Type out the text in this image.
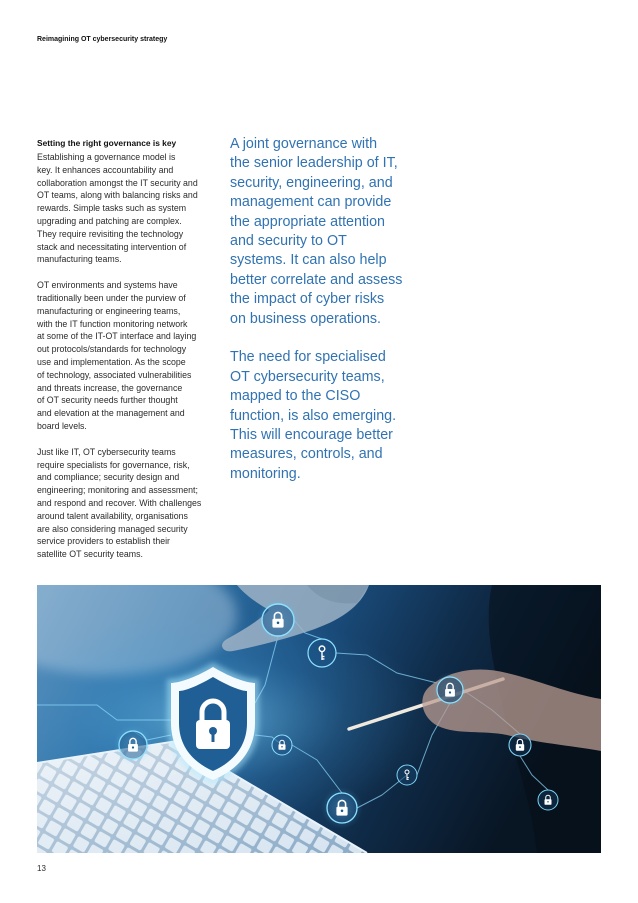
Reimagining OT cybersecurity strategy
Setting the right governance is key

Establishing a governance model is
key. It enhances accountability and
collaboration amongst the IT security and
OT teams, along with balancing risks and
rewards. Simple tasks such as system
upgrading and patching are complex.
They require revisiting the technology
stack and necessitating intervention of
manufacturing teams.

OT environments and systems have
traditionally been under the purview of
manufacturing or engineering teams,
with the IT function monitoring network
at some of the IT-OT interface and laying
out protocols/standards for technology
use and implementation. As the scope
of technology, associated vulnerabilities
and threats increase, the governance
of OT security needs further thought
and elevation at the management and
board levels.

Just like IT, OT cybersecurity teams
require specialists for governance, risk,
and compliance; security design and
engineering; monitoring and assessment;
and respond and recover. With challenges
around talent availability, organisations
are also considering managed security
service providers to establish their
satellite OT security teams.

A joint governance with
the senior leadership of IT,
security, engineering, and
management can provide
the appropriate attention
and security to OT
systems. It can also help
better correlate and assess
the impact of cyber risks
on business operations.

The need for specialised
OT cybersecurity teams,
mapped to the CISO
function, is also emerging.
This will encourage better
measures, controls, and
monitoring.

13
